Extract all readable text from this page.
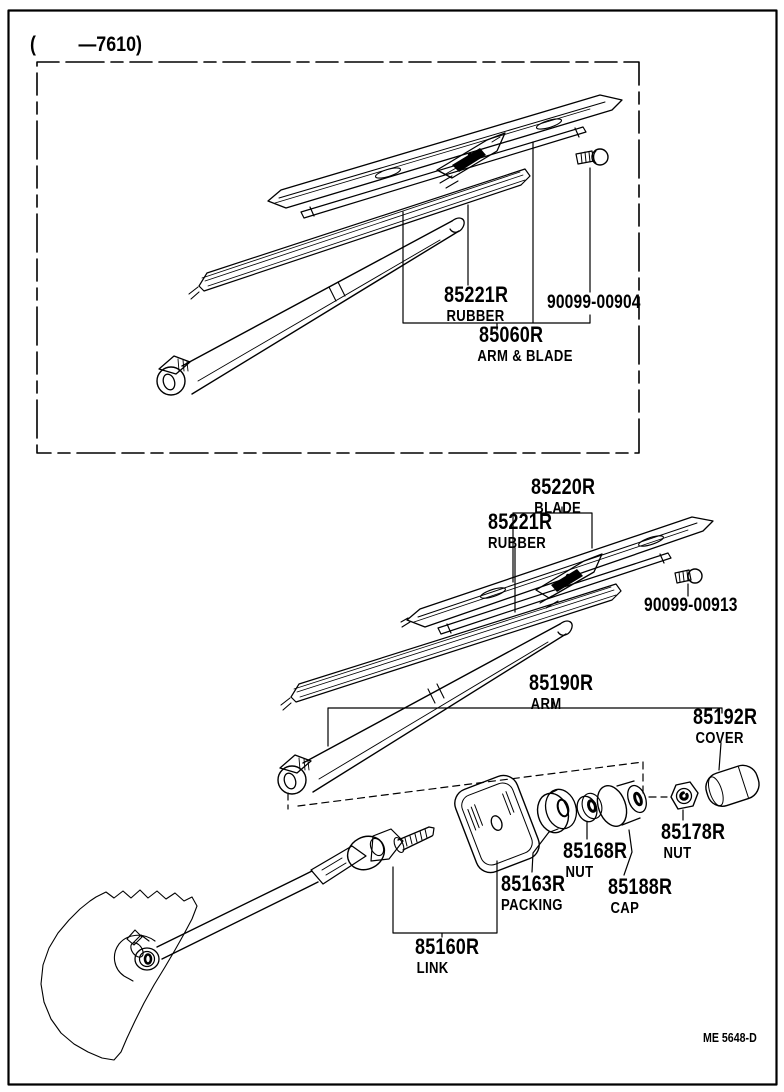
( —7610)
85221R
RUBBER
90099-00904
85060R
ARM & BLADE
85220R
BLADE
85221R
RUBBER
90099-00913
85190R
ARM	85192R
COVER
85178R
NUT
85168R
NUT
85163R
PACKING
85188R
CAP
85160R
LINK
ME 5648-D
